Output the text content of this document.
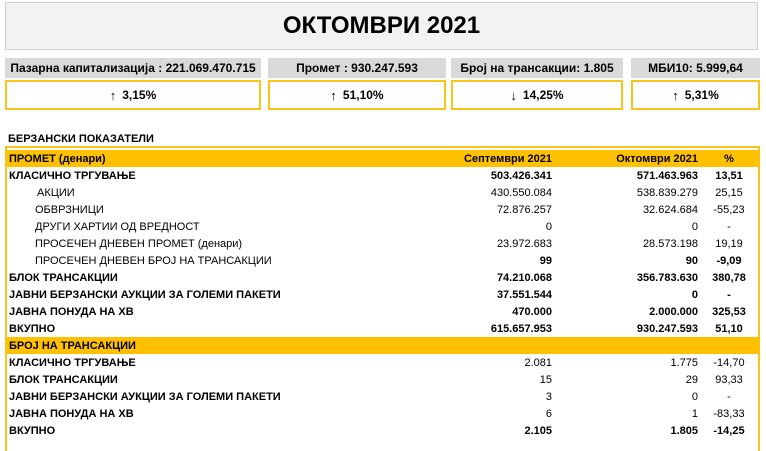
ОКТОМВРИ 2021
Пазарна капитализација : 221.069.470.715	Промет : 930.247.593	Број на трансакции: 1.805	МБИ10: 5.999,64
↑ 3,15%	↑ 51,10%	↓ 14,25%	↑ 5,31%
БЕРЗАНСКИ ПОКАЗАТЕЛИ
ПРОМЕТ (денари)	Септември 2021	Октомври 2021	%
КЛАСИЧНО ТРГУВАЊЕ	503.426.341	571.463.963	13,51
АКЦИИ	430.550.084	538.839.279	25,15
ОБВРЗНИЦИ	72.876.257	32.624.684	-55,23
ДРУГИ ХАРТИИ ОД ВРЕДНОСТ	0	0	-
ПРОСЕЧЕН ДНЕВЕН ПРОМЕТ (денари)	23.972.683	28.573.198	19,19
ПРОСЕЧЕН ДНЕВЕН БРОЈ НА ТРАНСАКЦИИ	99	90	-9,09
БЛОК ТРАНСАКЦИИ	74.210.068	356.783.630	380,78
ЈАВНИ БЕРЗАНСКИ АУКЦИИ ЗА ГОЛЕМИ ПАКЕТИ	37.551.544	0	-
ЈАВНА ПОНУДА НА ХВ	470.000	2.000.000	325,53
ВКУПНО	615.657.953	930.247.593	51,10
БРОЈ НА ТРАНСАКЦИИ			
КЛАСИЧНО ТРГУВАЊЕ	2.081	1.775	-14,70
БЛОК ТРАНСАКЦИИ	15	29	93,33
ЈАВНИ БЕРЗАНСКИ АУКЦИИ ЗА ГОЛЕМИ ПАКЕТИ	3	0	-
ЈАВНА ПОНУДА НА ХВ	6	1	-83,33
ВКУПНО	2.105	1.805	-14,25
